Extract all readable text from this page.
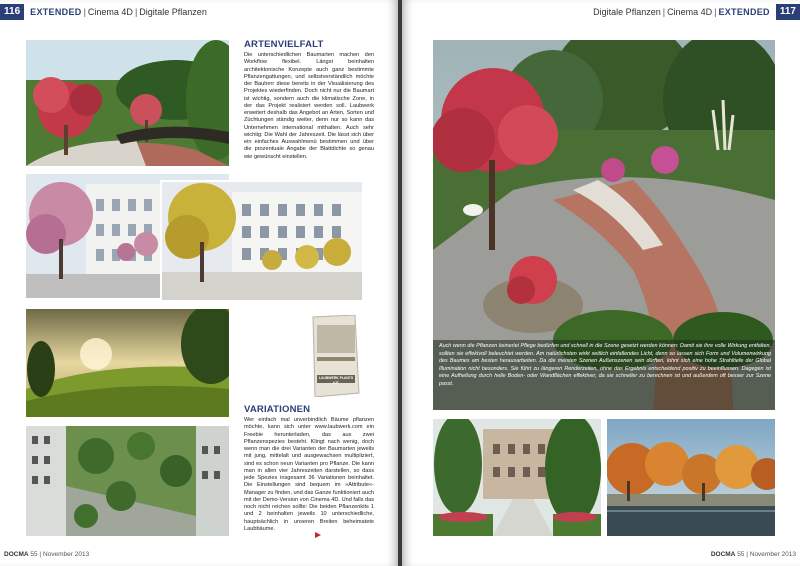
116	EXTENDED | Cinema 4D | Digitale Pflanzen
ARTENVIELFALT
Die unterschiedlichen Baumarten machen den Workflow flexibel. Längst beinhalten architektonische Konzepte auch ganz bestimmte Pflanzengattungen, und selbstverständlich möchte der Bauherr diese bereits in der Visualisierung des Projektes wiederfinden. Doch nicht nur die Baumart ist wichtig, sondern auch die klimatische Zone, in der das Projekt realisiert werden soll. Laubwerk erweitert deshalb das Angebot an Arten, Sorten und Züchtungen ständig weiter, denn nur so kann das Unternehmen international mithalten. Auch sehr wichtig: Die Wahl der Jahreszeit. Die lässt sich über ein einfaches Auswahlmenü bestimmen und über die prozentuale Angabe der Blattdichte so genau wie gewünscht einstellen.
LAUBWERK PLANTS KIT
VARIATIONEN
Wer einfach mal unverbindlich Bäume pflanzen möchte, kann sich unter www.laubwerk.com ein Freebie herunterladen, das aus zwei Pflanzenspezies besteht. Klingt nach wenig, doch wenn man die drei Varianten der Baumarten jeweils mit jung, mittelalt und ausgewachsen multipliziert, sind es schon neun Varianten pro Pflanze. Die kann man in allen vier Jahreszeiten darstellen, so dass jede Spezies insgesamt 36 Variationen beinhaltet. Die Einstellungen sind bequem im »Attribute«-Manager zu finden, und das Ganze funktioniert auch mit der Demo-Version von Cinema 4D. Und falls das noch nicht reichen sollte: Die beiden Pflanzenkits 1 und 2 beinhalten jeweils 10 unterschiedliche, hauptsächlich in unseren Breiten beheimatete Laubbäume.
DOCMA 55 | November 2013
Digitale Pflanzen | Cinema 4D | EXTENDED	117
Auch wenn die Pflanzen keinerlei Pflege bedürfen und schnell in die Szene gesetzt werden können: Damit sie ihre volle Wirkung entfalten, sollten sie effektvoll beleuchtet werden. Am natürlichsten wirkt seitlich einfallendes Licht, denn so lassen sich Form und Volumenwirkung des Baumes am besten herausarbeiten. Da die meisten Szenen Außenszenen sein dürften, lohnt sich eine hohe Strahltiefe der Global Illumination nicht besonders. Sie führt zu längeren Renderzeiten, ohne das Ergebnis entscheidend positiv zu beeinflussen. Dagegen ist eine Aufhellung durch helle Boden- oder Wandflächen effektiver, da sie schneller zu berechnen ist und außerdem oft besser zur Szene passt.
DOCMA 55 | November 2013
